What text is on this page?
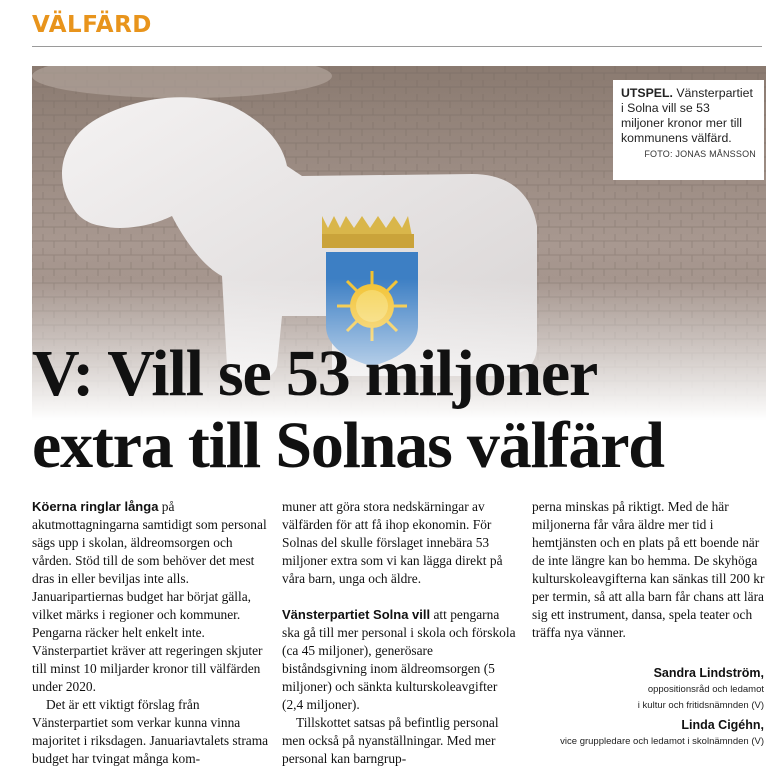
VÄLFÄRD
UTSPEL. Vänsterpartiet i Solna vill se 53 miljoner kronor mer till kommunens välfärd.
FOTO: JONAS MÅNSSON
V: Vill se 53 miljoner
extra till Solnas välfärd

Köerna ringlar långa på akutmottagningarna samtidigt som personal sägs upp i skolan, äldreomsorgen och vården. Stöd till de som behöver det mest dras in eller beviljas inte alls. Januaripartiernas budget har börjat gälla, vilket märks i regioner och kommuner. Pengarna räcker helt enkelt inte. Vänsterpartiet kräver att regeringen skjuter till minst 10 miljarder kronor till välfärden under 2020.

Det är ett viktigt förslag från Vänsterpartiet som verkar kunna vinna majoritet i riksdagen. Januariavtalets strama budget har tvingat många kom-

muner att göra stora nedskärningar av välfärden för att få ihop ekonomin. För Solnas del skulle förslaget innebära 53 miljoner extra som vi kan lägga direkt på våra barn, unga och äldre.

Vänsterpartiet Solna vill att pengarna ska gå till mer personal i skola och förskola (ca 45 miljoner), generösare biståndsgivning inom äldreomsorgen (5 miljoner) och sänkta kulturskoleavgifter (2,4 miljoner).

Tillskottet satsas på befintlig personal men också på nyanställningar. Med mer personal kan barngrup-

perna minskas på riktigt. Med de här miljonerna får våra äldre mer tid i hemtjänsten och en plats på ett boende när de inte längre kan bo hemma. De skyhöga kulturskoleavgifterna kan sänkas till 200 kr per termin, så att alla barn får chans att lära sig ett instrument, dansa, spela teater och träffa nya vänner.

Sandra Lindström,
oppositionsråd och ledamot
i kultur och fritidsnämnden (V)
Linda Cigéhn,
vice gruppledare och ledamot i skolnämnden (V)
